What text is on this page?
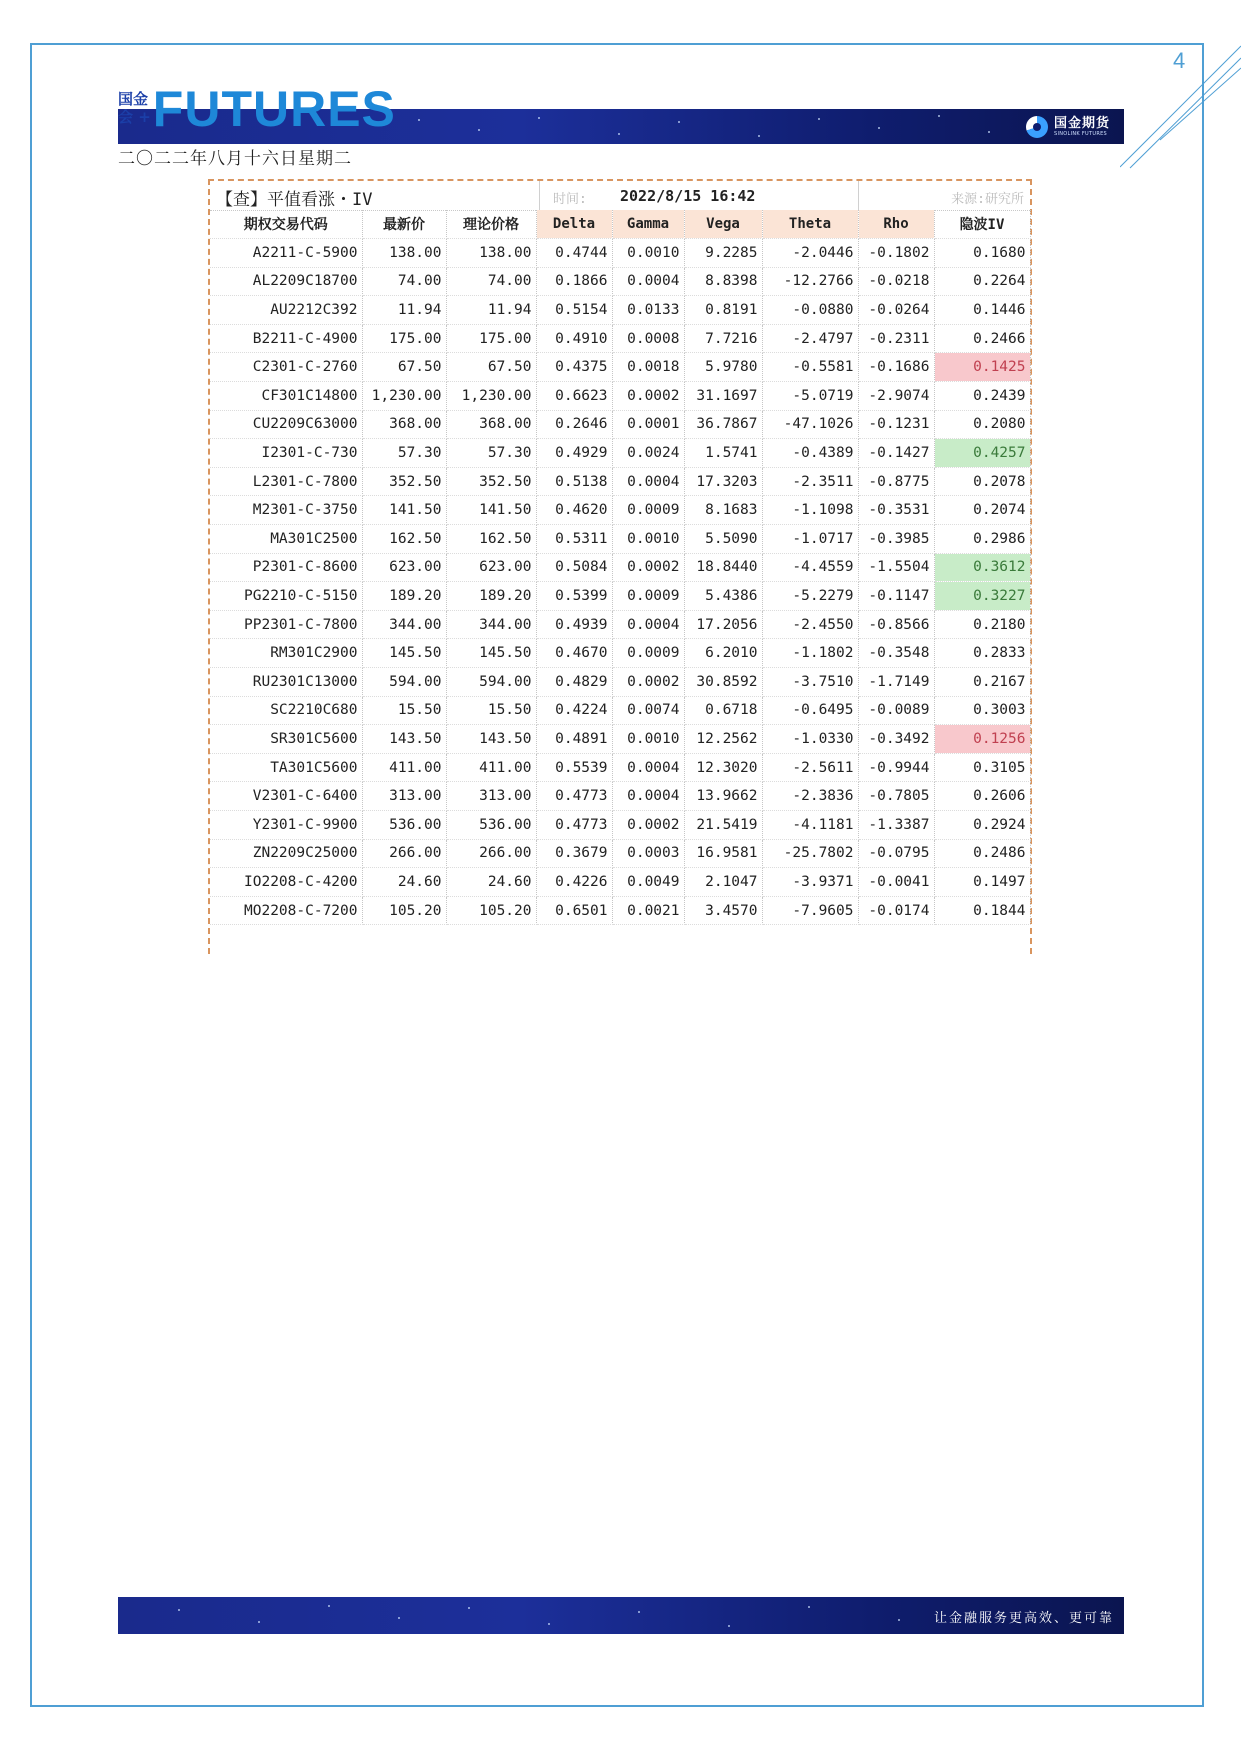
4
国金期货
SINOLINK FUTURES
国金
会 + FUTURES
二〇二二年八月十六日星期二
【查】平值看涨・IV	时间: 2022/8/15 16:42	来源:研究所
期权交易代码	最新价	理论价格	Delta	Gamma	Vega	Theta	Rho	隐波IV
A2211-C-5900	138.00	138.00	0.4744	0.0010	9.2285	-2.0446	-0.1802	0.1680
AL2209C18700	74.00	74.00	0.1866	0.0004	8.8398	-12.2766	-0.0218	0.2264
AU2212C392	11.94	11.94	0.5154	0.0133	0.8191	-0.0880	-0.0264	0.1446
B2211-C-4900	175.00	175.00	0.4910	0.0008	7.7216	-2.4797	-0.2311	0.2466
C2301-C-2760	67.50	67.50	0.4375	0.0018	5.9780	-0.5581	-0.1686	0.1425
CF301C14800	1,230.00	1,230.00	0.6623	0.0002	31.1697	-5.0719	-2.9074	0.2439
CU2209C63000	368.00	368.00	0.2646	0.0001	36.7867	-47.1026	-0.1231	0.2080
I2301-C-730	57.30	57.30	0.4929	0.0024	1.5741	-0.4389	-0.1427	0.4257
L2301-C-7800	352.50	352.50	0.5138	0.0004	17.3203	-2.3511	-0.8775	0.2078
M2301-C-3750	141.50	141.50	0.4620	0.0009	8.1683	-1.1098	-0.3531	0.2074
MA301C2500	162.50	162.50	0.5311	0.0010	5.5090	-1.0717	-0.3985	0.2986
P2301-C-8600	623.00	623.00	0.5084	0.0002	18.8440	-4.4559	-1.5504	0.3612
PG2210-C-5150	189.20	189.20	0.5399	0.0009	5.4386	-5.2279	-0.1147	0.3227
PP2301-C-7800	344.00	344.00	0.4939	0.0004	17.2056	-2.4550	-0.8566	0.2180
RM301C2900	145.50	145.50	0.4670	0.0009	6.2010	-1.1802	-0.3548	0.2833
RU2301C13000	594.00	594.00	0.4829	0.0002	30.8592	-3.7510	-1.7149	0.2167
SC2210C680	15.50	15.50	0.4224	0.0074	0.6718	-0.6495	-0.0089	0.3003
SR301C5600	143.50	143.50	0.4891	0.0010	12.2562	-1.0330	-0.3492	0.1256
TA301C5600	411.00	411.00	0.5539	0.0004	12.3020	-2.5611	-0.9944	0.3105
V2301-C-6400	313.00	313.00	0.4773	0.0004	13.9662	-2.3836	-0.7805	0.2606
Y2301-C-9900	536.00	536.00	0.4773	0.0002	21.5419	-4.1181	-1.3387	0.2924
ZN2209C25000	266.00	266.00	0.3679	0.0003	16.9581	-25.7802	-0.0795	0.2486
IO2208-C-4200	24.60	24.60	0.4226	0.0049	2.1047	-3.9371	-0.0041	0.1497
MO2208-C-7200	105.20	105.20	0.6501	0.0021	3.4570	-7.9605	-0.0174	0.1844
让金融服务更高效、更可靠
